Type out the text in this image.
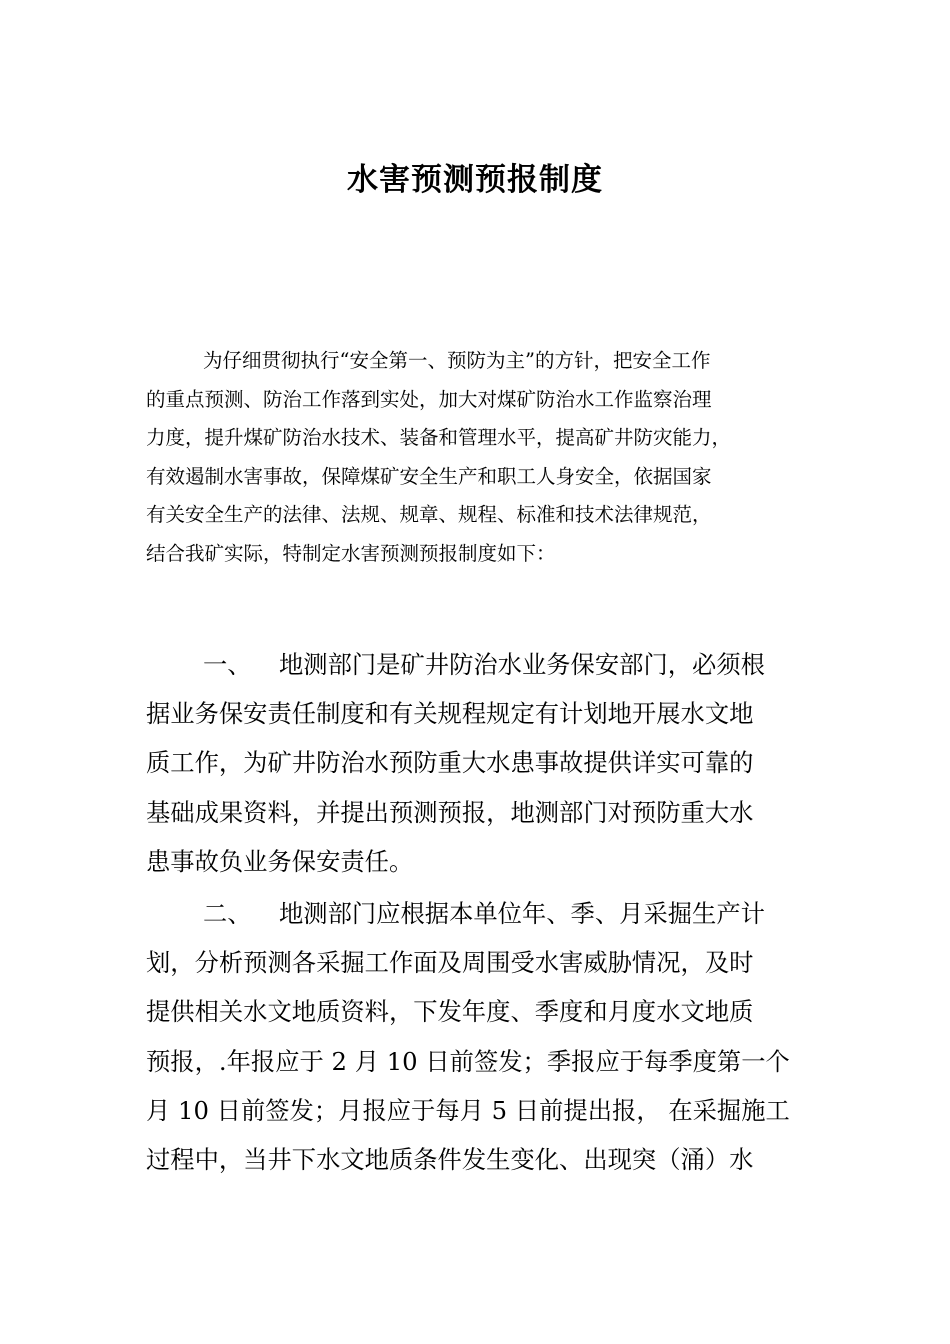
水害预测预报制度
为仔细贯彻执行“安全第一、预防为主”的方针，把安全工作
的重点预测、防治工作落到实处，加大对煤矿防治水工作监察治理
力度，提升煤矿防治水技术、装备和管理水平，提高矿井防灾能力，
有效遏制水害事故，保障煤矿安全生产和职工人身安全，依据国家
有关安全生产的法律、法规、规章、规程、标准和技术法律规范，
结合我矿实际，特制定水害预测预报制度如下：
一、 地测部门是矿井防治水业务保安部门，必须根
据业务保安责任制度和有关规程规定有计划地开展水文地
质工作，为矿井防治水预防重大水患事故提供详实可靠的
基础成果资料，并提出预测预报，地测部门对预防重大水
患事故负业务保安责任。
二、 地测部门应根据本单位年、季、月采掘生产计
划，分析预测各采掘工作面及周围受水害威胁情况，及时
提供相关水文地质资料，下发年度、季度和月度水文地质
预报，.年报应于 2 月 10 日前签发；季报应于每季度第一个
月 10 日前签发；月报应于每月 5 日前提出报， 在采掘施工
过程中，当井下水文地质条件发生变化、出现突（涌）水
